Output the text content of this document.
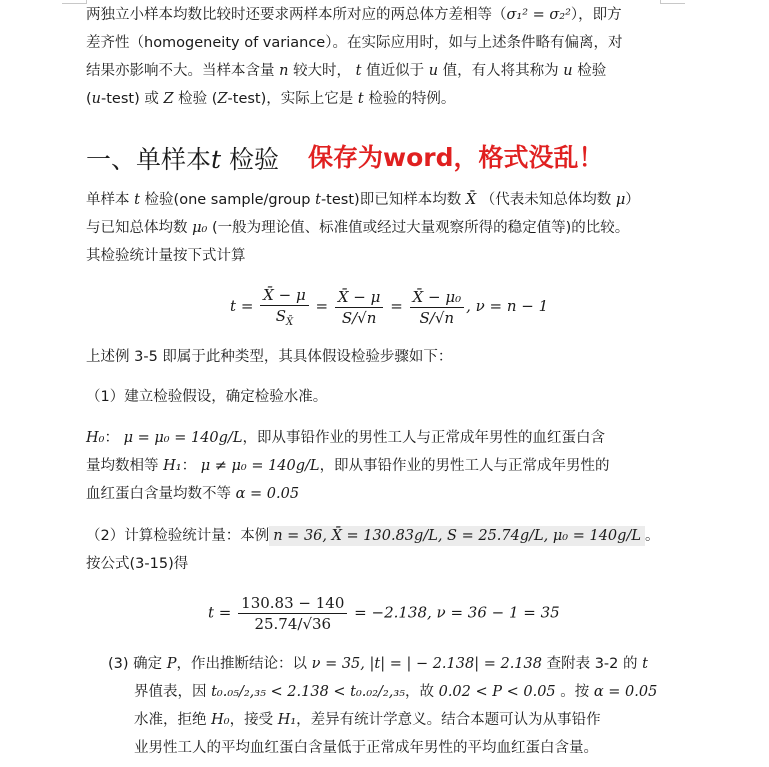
两独立小样本均数比较时还要求两样本所对应的两总体方差相等（σ₁² = σ₂²），即方
差齐性（homogeneity of variance）。在实际应用时，如与上述条件略有偏离，对
结果亦影响不大。当样本含量 n 较大时， t 值近似于 u 值，有人将其称为 u 检验
(u-test) 或 Z 检验 (Z-test)，实际上它是 t 检验的特例。
一、单样本t 检验 保存为word，格式没乱！
单样本 t 检验(one sample/group t-test)即已知样本均数 X̄ （代表未知总体均数 μ）
与已知总体均数 μ₀ (一般为理论值、标准值或经过大量观察所得的稳定值等)的比较。
其检验统计量按下式计算
$t = \frac{X̄ - \mu}{S_{X̄}} = \frac{X̄ - \mu}{S/√n} = \frac{\text{X̄ − μ₀}}{S/√n}$ , ν = n − 1
上述例 3-5 即属于此种类型，其具体假设检验步骤如下：
（1）建立检验假设，确定检验水准。
H₀： μ = μ₀ = 140g/L，即从事铅作业的男性工人与正常成年男性的血红蛋白含
量均数相等 H₁： μ ≠ μ₀ = 140g/L，即从事铅作业的男性工人与正常成年男性的
血红蛋白含量均数不等 α = 0.05
（2）计算检验统计量：本例 n = 36, X̄ = 130.83g/L, S = 25.74g/L, μ₀ = 140g/L 。
按公式(3-15)得
$t = \frac{130.83 - 140}{25.74/√36} = -2.138$, ν = 36 − 1 = 35
(3) 确定 P，作出推断结论：以 ν = 35, |t| = | − 2.138| = 2.138 查附表 3-2 的 t
界值表，因 t₀.₀₅/₂,₃₅ < 2.138 < t₀.₀₂/₂,₃₅，故 0.02 < P < 0.05 。按 α = 0.05
水准，拒绝 H₀，接受 H₁，差异有统计学意义。结合本题可认为从事铅作
业男性工人的平均血红蛋白含量低于正常成年男性的平均血红蛋白含量。
